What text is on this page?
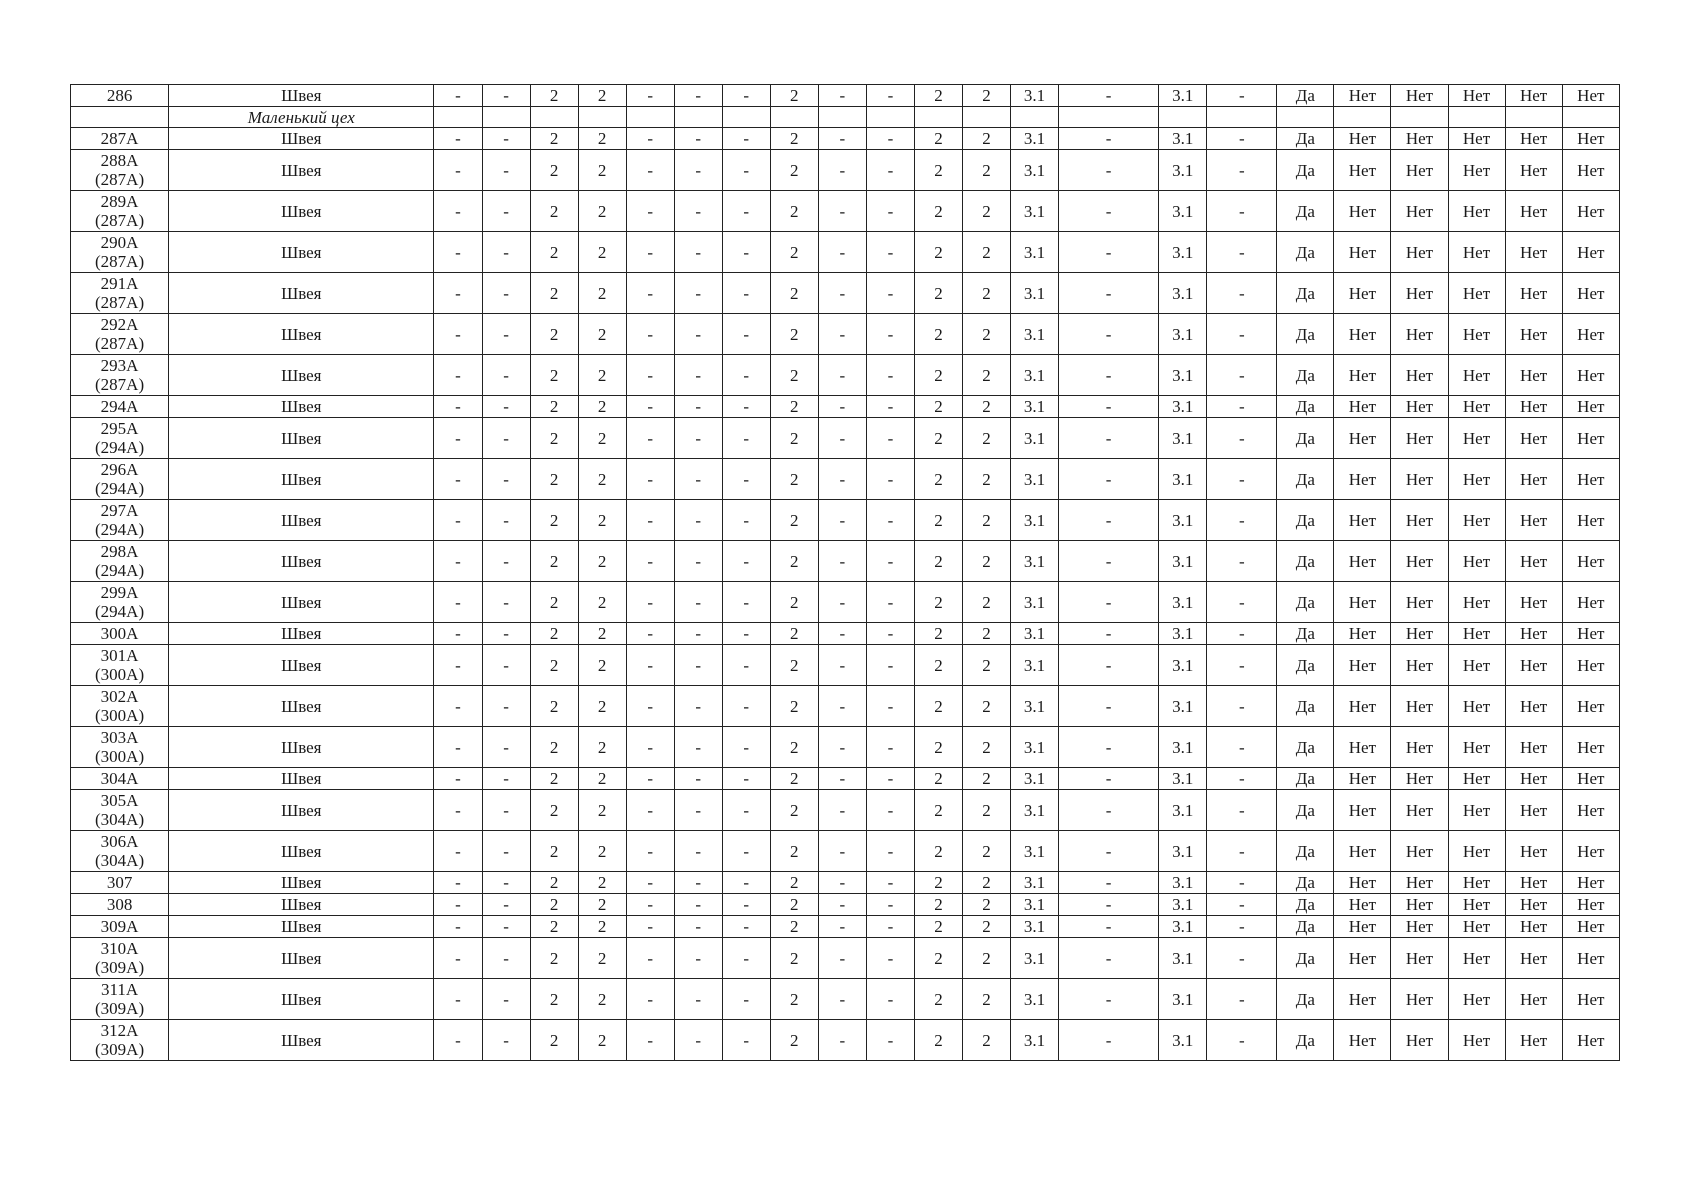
286	Швея	-	-	2	2	-	-	-	2	-	-	2	2	3.1	-	3.1	-	Да	Нет	Нет	Нет	Нет	Нет
	Маленький цех																						
287А	Швея	-	-	2	2	-	-	-	2	-	-	2	2	3.1	-	3.1	-	Да	Нет	Нет	Нет	Нет	Нет
288А
(287А)	Швея	-	-	2	2	-	-	-	2	-	-	2	2	3.1	-	3.1	-	Да	Нет	Нет	Нет	Нет	Нет
289А
(287А)	Швея	-	-	2	2	-	-	-	2	-	-	2	2	3.1	-	3.1	-	Да	Нет	Нет	Нет	Нет	Нет
290А
(287А)	Швея	-	-	2	2	-	-	-	2	-	-	2	2	3.1	-	3.1	-	Да	Нет	Нет	Нет	Нет	Нет
291А
(287А)	Швея	-	-	2	2	-	-	-	2	-	-	2	2	3.1	-	3.1	-	Да	Нет	Нет	Нет	Нет	Нет
292А
(287А)	Швея	-	-	2	2	-	-	-	2	-	-	2	2	3.1	-	3.1	-	Да	Нет	Нет	Нет	Нет	Нет
293А
(287А)	Швея	-	-	2	2	-	-	-	2	-	-	2	2	3.1	-	3.1	-	Да	Нет	Нет	Нет	Нет	Нет
294А	Швея	-	-	2	2	-	-	-	2	-	-	2	2	3.1	-	3.1	-	Да	Нет	Нет	Нет	Нет	Нет
295А
(294А)	Швея	-	-	2	2	-	-	-	2	-	-	2	2	3.1	-	3.1	-	Да	Нет	Нет	Нет	Нет	Нет
296А
(294А)	Швея	-	-	2	2	-	-	-	2	-	-	2	2	3.1	-	3.1	-	Да	Нет	Нет	Нет	Нет	Нет
297А
(294А)	Швея	-	-	2	2	-	-	-	2	-	-	2	2	3.1	-	3.1	-	Да	Нет	Нет	Нет	Нет	Нет
298А
(294А)	Швея	-	-	2	2	-	-	-	2	-	-	2	2	3.1	-	3.1	-	Да	Нет	Нет	Нет	Нет	Нет
299А
(294А)	Швея	-	-	2	2	-	-	-	2	-	-	2	2	3.1	-	3.1	-	Да	Нет	Нет	Нет	Нет	Нет
300А	Швея	-	-	2	2	-	-	-	2	-	-	2	2	3.1	-	3.1	-	Да	Нет	Нет	Нет	Нет	Нет
301А
(300А)	Швея	-	-	2	2	-	-	-	2	-	-	2	2	3.1	-	3.1	-	Да	Нет	Нет	Нет	Нет	Нет
302А
(300А)	Швея	-	-	2	2	-	-	-	2	-	-	2	2	3.1	-	3.1	-	Да	Нет	Нет	Нет	Нет	Нет
303А
(300А)	Швея	-	-	2	2	-	-	-	2	-	-	2	2	3.1	-	3.1	-	Да	Нет	Нет	Нет	Нет	Нет
304А	Швея	-	-	2	2	-	-	-	2	-	-	2	2	3.1	-	3.1	-	Да	Нет	Нет	Нет	Нет	Нет
305А
(304А)	Швея	-	-	2	2	-	-	-	2	-	-	2	2	3.1	-	3.1	-	Да	Нет	Нет	Нет	Нет	Нет
306А
(304А)	Швея	-	-	2	2	-	-	-	2	-	-	2	2	3.1	-	3.1	-	Да	Нет	Нет	Нет	Нет	Нет
307	Швея	-	-	2	2	-	-	-	2	-	-	2	2	3.1	-	3.1	-	Да	Нет	Нет	Нет	Нет	Нет
308	Швея	-	-	2	2	-	-	-	2	-	-	2	2	3.1	-	3.1	-	Да	Нет	Нет	Нет	Нет	Нет
309А	Швея	-	-	2	2	-	-	-	2	-	-	2	2	3.1	-	3.1	-	Да	Нет	Нет	Нет	Нет	Нет
310А
(309А)	Швея	-	-	2	2	-	-	-	2	-	-	2	2	3.1	-	3.1	-	Да	Нет	Нет	Нет	Нет	Нет
311А
(309А)	Швея	-	-	2	2	-	-	-	2	-	-	2	2	3.1	-	3.1	-	Да	Нет	Нет	Нет	Нет	Нет
312А
(309А)	Швея	-	-	2	2	-	-	-	2	-	-	2	2	3.1	-	3.1	-	Да	Нет	Нет	Нет	Нет	Нет
